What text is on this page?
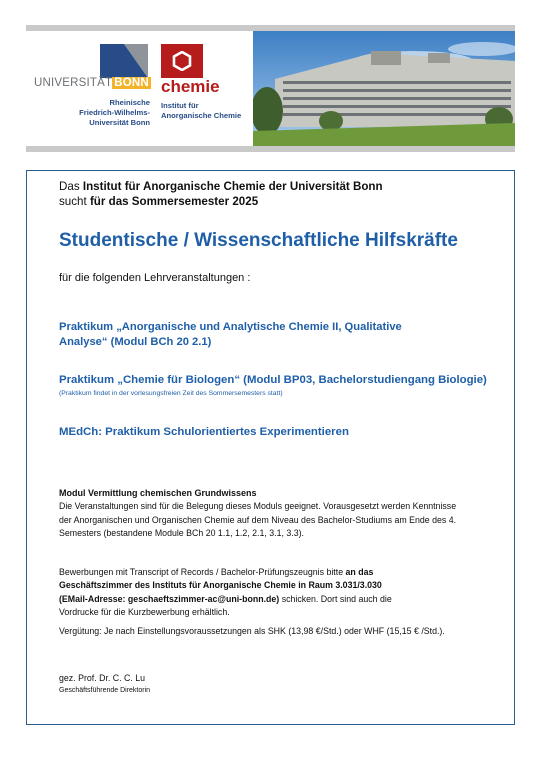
UNIVERSITÄT BONN
Rheinische
Friedrich-Wilhelms-
Universität Bonn
chemie
Institut für
Anorganische Chemie
Das Institut für Anorganische Chemie der Universität Bonn
sucht für das Sommersemester 2025
Studentische / Wissenschaftliche Hilfskräfte
für die folgenden Lehrveranstaltungen :
Praktikum „Anorganische und Analytische Chemie II, Qualitative
Analyse“ (Modul BCh 20 2.1)
Praktikum „Chemie für Biologen“ (Modul BP03, Bachelorstudiengang Biologie)
(Praktikum findet in der vorlesungsfreien Zeit des Sommersemesters statt)
MEdCh: Praktikum Schulorientiertes Experimentieren
Modul Vermittlung chemischen Grundwissens
Die Veranstaltungen sind für die Belegung dieses Moduls geeignet. Vorausgesetzt werden Kenntnisse
der Anorganischen und Organischen Chemie auf dem Niveau des Bachelor-Studiums am Ende des 4.
Semesters (bestandene Module BCh 20 1.1, 1.2, 2.1, 3.1, 3.3).
Bewerbungen mit Transcript of Records / Bachelor-Prüfungszeugnis bitte an das
Geschäftszimmer des Instituts für Anorganische Chemie in Raum 3.031/3.030
(EMail-Adresse: geschaeftszimmer-ac@uni-bonn.de) schicken. Dort sind auch die
Vordrucke für die Kurzbewerbung erhältlich.
Vergütung: Je nach Einstellungsvoraussetzungen als SHK (13,98 €/Std.) oder WHF (15,15 € /Std.).
gez. Prof. Dr. C. C. Lu
Geschäftsführende Direktorin
